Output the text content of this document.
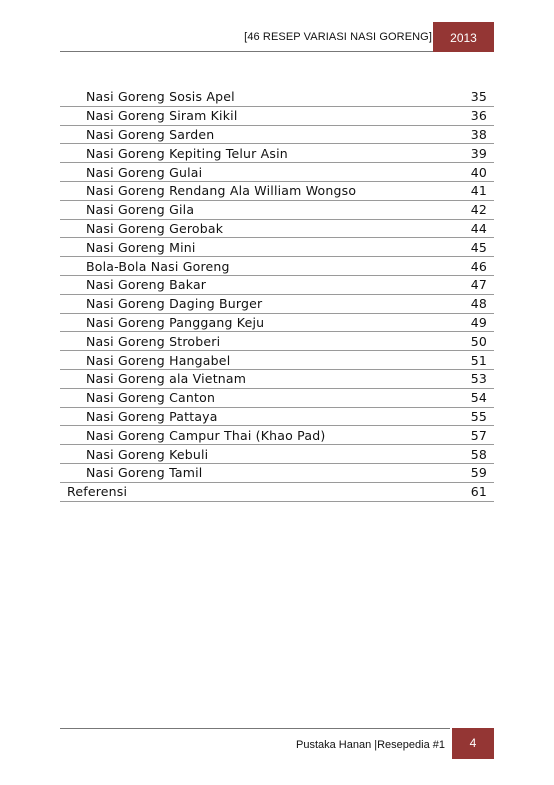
[46 RESEP VARIASI NASI GORENG]	2013
Nasi Goreng Sosis Apel	35
Nasi Goreng Siram Kikil	36
Nasi Goreng Sarden	38
Nasi Goreng Kepiting Telur Asin	39
Nasi Goreng Gulai	40
Nasi Goreng Rendang Ala William Wongso	41
Nasi Goreng Gila	42
Nasi Goreng Gerobak	44
Nasi Goreng Mini	45
Bola-Bola Nasi Goreng	46
Nasi Goreng Bakar	47
Nasi Goreng Daging Burger	48
Nasi Goreng Panggang Keju	49
Nasi Goreng Stroberi	50
Nasi Goreng Hangabel	51
Nasi Goreng ala Vietnam	53
Nasi Goreng Canton	54
Nasi Goreng Pattaya	55
Nasi Goreng Campur Thai (Khao Pad)	57
Nasi Goreng Kebuli	58
Nasi Goreng Tamil	59
Referensi	61
Pustaka Hanan |Resepedia #1	4
